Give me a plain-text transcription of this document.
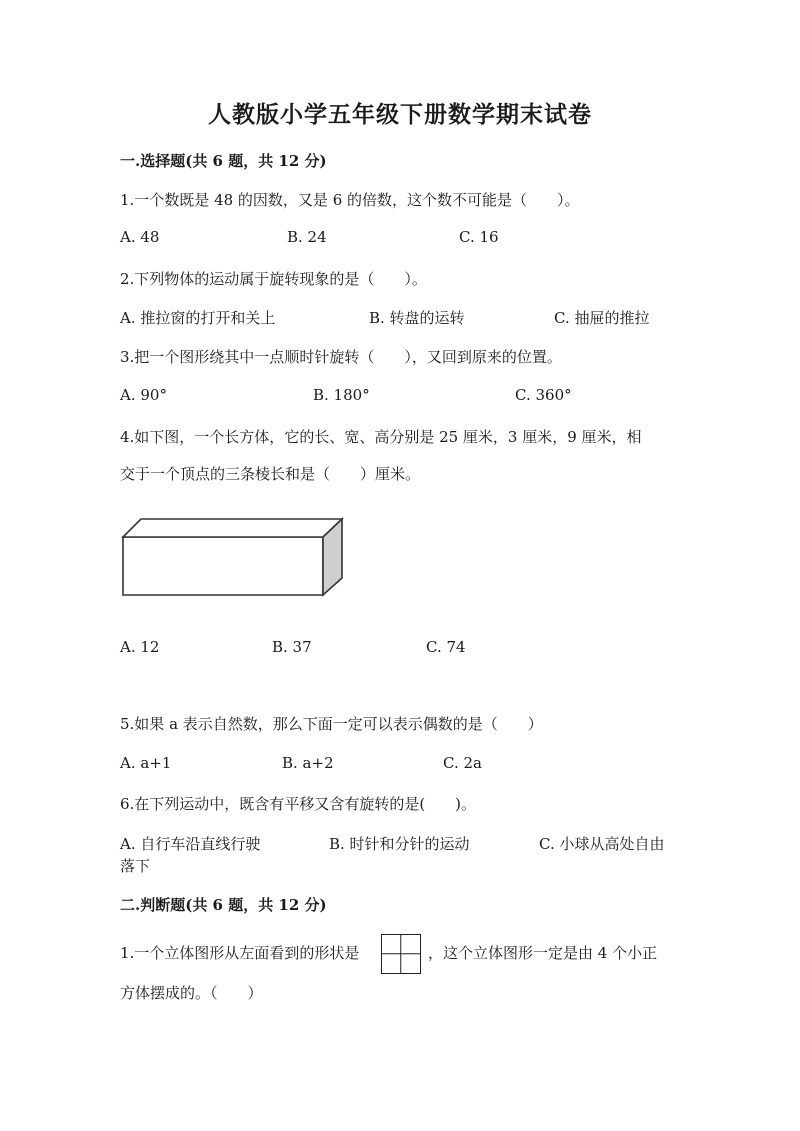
人教版小学五年级下册数学期末试卷
一.选择题(共 6 题，共 12 分)
1.一个数既是 48 的因数，又是 6 的倍数，这个数不可能是（　　）。
A. 48	B. 24	C. 16
2.下列物体的运动属于旋转现象的是（　　）。
A. 推拉窗的打开和关上	B. 转盘的运转	C. 抽屉的推拉
3.把一个图形绕其中一点顺时针旋转（　　），又回到原来的位置。
A. 90°	B. 180°	C. 360°
4.如下图，一个长方体，它的长、宽、高分别是 25 厘米，3 厘米，9 厘米，相
交于一个顶点的三条棱长和是（　　）厘米。
A. 12	B. 37	C. 74
5.如果 a 表示自然数，那么下面一定可以表示偶数的是（　　）
A. a+1	B. a+2	C. 2a
6.在下列运动中，既含有平移又含有旋转的是(　　)。
A. 自行车沿直线行驶	B. 时针和分针的运动	C. 小球从高处自由
落下
二.判断题(共 6 题，共 12 分)
1.一个立体图形从左面看到的形状是	，这个立体图形一定是由 4 个小正
方体摆成的。（　　）
